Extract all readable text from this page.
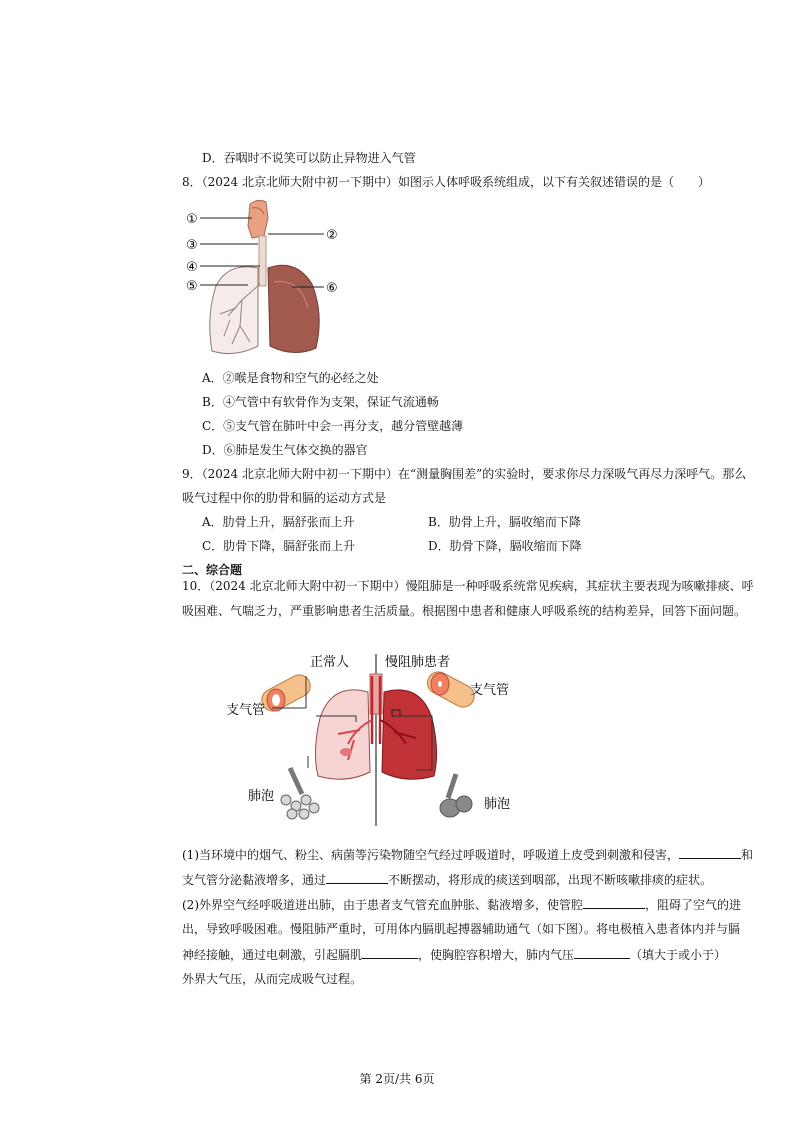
D．吞咽时不说笑可以防止异物进入气管
8．（2024 北京北师大附中初一下期中）如图示人体呼吸系统组成，以下有关叙述错误的是（　　）
①
③
④
⑤
②
⑥
A．②喉是食物和空气的必经之处
B．④气管中有软骨作为支架，保证气流通畅
C．⑤支气管在肺叶中会一再分支，越分管壁越薄
D．⑥肺是发生气体交换的器官
9．（2024 北京北师大附中初一下期中）在“测量胸围差”的实验时，要求你尽力深吸气再尽力深呼气。那么
吸气过程中你的肋骨和膈的运动方式是
A．肋骨上升，膈舒张而上升	B．肋骨上升，膈收缩而下降
C．肋骨下降，膈舒张而上升	D．肋骨下降，膈收缩而下降
二、综合题
10．（2024 北京北师大附中初一下期中）慢阻肺是一种呼吸系统常见疾病，其症状主要表现为咳嗽排痰、呼
吸困难、气喘乏力，严重影响患者生活质量。根据图中患者和健康人呼吸系统的结构差异，回答下面问题。
正常人	慢阻肺患者
支气管
支气管
肺泡
肺泡
(1)当环境中的烟气、粉尘、病菌等污染物随空气经过呼吸道时，呼吸道上皮受到刺激和侵害，	和
支气管分泌黏液增多，通过	不断摆动，将形成的痰送到咽部，出现不断咳嗽排痰的症状。
(2)外界空气经呼吸道进出肺，由于患者支气管充血肿胀、黏液增多，使管腔	，阻碍了空气的进
出，导致呼吸困难。慢阻肺严重时，可用体内膈肌起搏器辅助通气（如下图）。将电极植入患者体内并与膈
神经接触，通过电刺激，引起膈肌	，使胸腔容积增大，肺内气压	（填大于或小于）
外界大气压，从而完成吸气过程。
第 2页/共 6页
